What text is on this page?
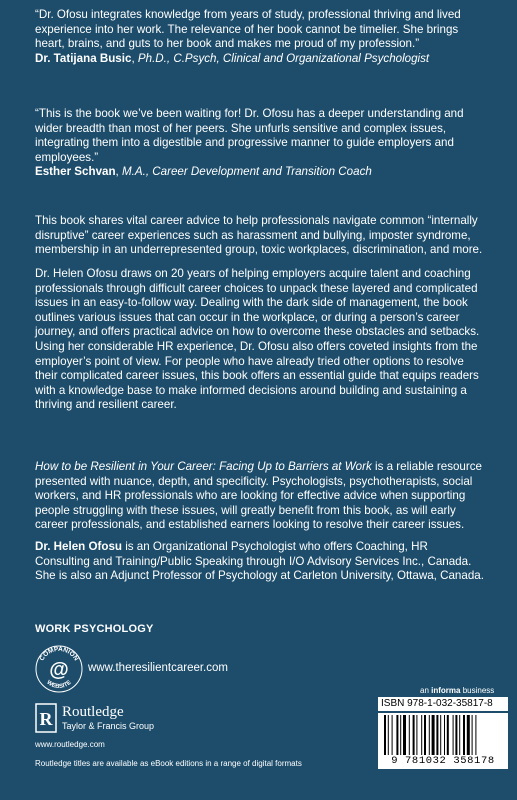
“Dr. Ofosu integrates knowledge from years of study, professional thriving and lived experience into her work. The relevance of her book cannot be timelier. She brings heart, brains, and guts to her book and makes me proud of my profession.”

Dr. Tatijana Busic, Ph.D., C.Psych, Clinical and Organizational Psychologist

“This is the book we’ve been waiting for! Dr. Ofosu has a deeper understanding and wider breadth than most of her peers. She unfurls sensitive and complex issues, integrating them into a digestible and progressive manner to guide employers and employees.”

Esther Schvan, M.A., Career Development and Transition Coach

This book shares vital career advice to help professionals navigate common “internally disruptive” career experiences such as harassment and bullying, imposter syndrome, membership in an underrepresented group, toxic workplaces, discrimination, and more.
Dr. Helen Ofosu draws on 20 years of helping employers acquire talent and coaching professionals through difficult career choices to unpack these layered and complicated issues in an easy-to-follow way. Dealing with the dark side of management, the book outlines various issues that can occur in the workplace, or during a person’s career journey, and offers practical advice on how to overcome these obstacles and setbacks. Using her considerable HR experience, Dr. Ofosu also offers coveted insights from the employer’s point of view. For people who have already tried other options to resolve their complicated career issues, this book offers an essential guide that equips readers with a knowledge base to make informed decisions around building and sustaining a thriving and resilient career.
How to be Resilient in Your Career: Facing Up to Barriers at Work is a reliable resource presented with nuance, depth, and specificity. Psychologists, psychotherapists, social workers, and HR professionals who are looking for effective advice when supporting people struggling with these issues, will greatly benefit from this book, as will early career professionals, and established earners looking to resolve their career issues.
Dr. Helen Ofosu is an Organizational Psychologist who offers Coaching, HR Consulting and Training/Public Speaking through I/O Advisory Services Inc., Canada. She is also an Adjunct Professor of Psychology at Carleton University, Ottawa, Canada.
WORK PSYCHOLOGY
COMPANION
WEBSITE
@ www.theresilientcareer.com
an informa business
ISBN 978-1-032-35817-8
9 781032 358178
R Routledge
Taylor & Francis Group
www.routledge.com
Routledge titles are available as eBook editions in a range of digital formats
